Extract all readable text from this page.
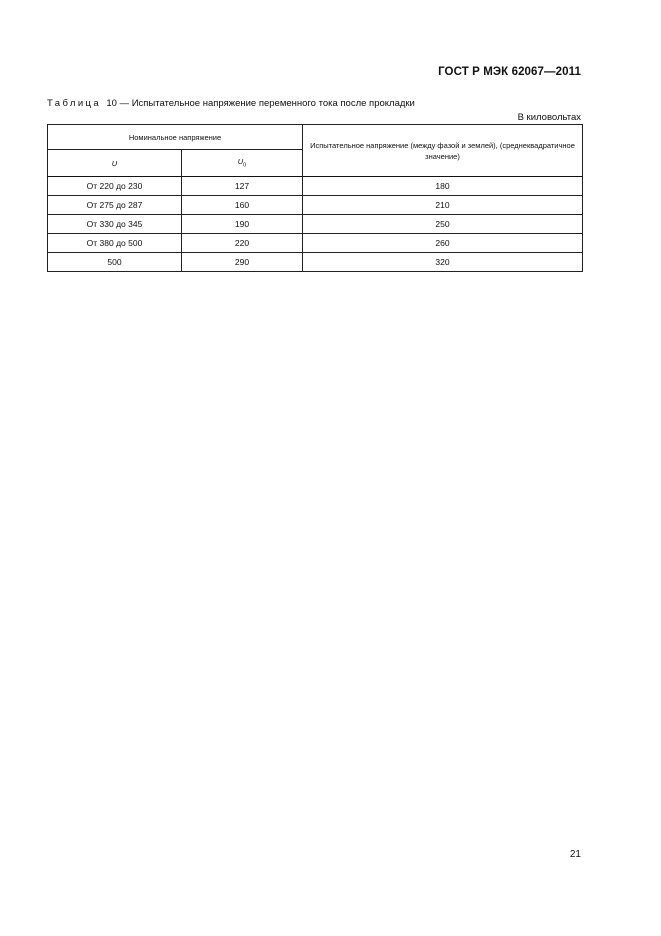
ГОСТ Р МЭК 62067—2011
Таблица 10 — Испытательное напряжение переменного тока после прокладки
В киловольтах
Номинальное напряжение		Испытательное напряжение (между фазой и землей), (среднеквадратичное значение)
U	$U_0$
От 220 до 230	127	180
От 275 до 287	160	210
От 330 до 345	190	250
От 380 до 500	220	260
500	290	320
21
